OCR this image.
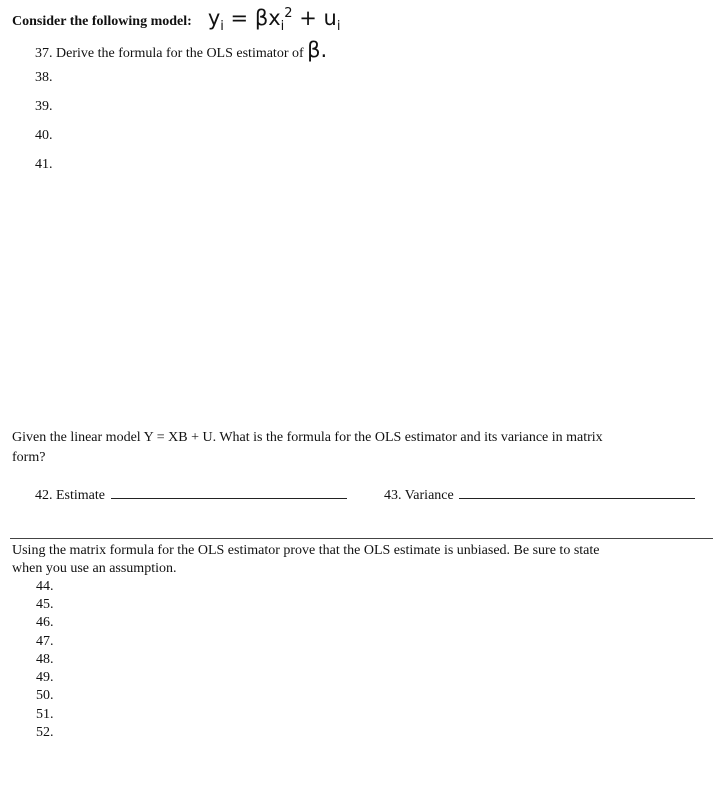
Consider the following model: $y_i = \beta x_i^2 + u_i$
37. Derive the formula for the OLS estimator of β.
38.
39.
40.
41.
Given the linear model Y = XB + U. What is the formula for the OLS estimator and its variance in matrix
form?
42. Estimate	43. Variance
Using the matrix formula for the OLS estimator prove that the OLS estimate is unbiased. Be sure to state
when you use an assumption.
44.
45.
46.
47.
48.
49.
50.
51.
52.
